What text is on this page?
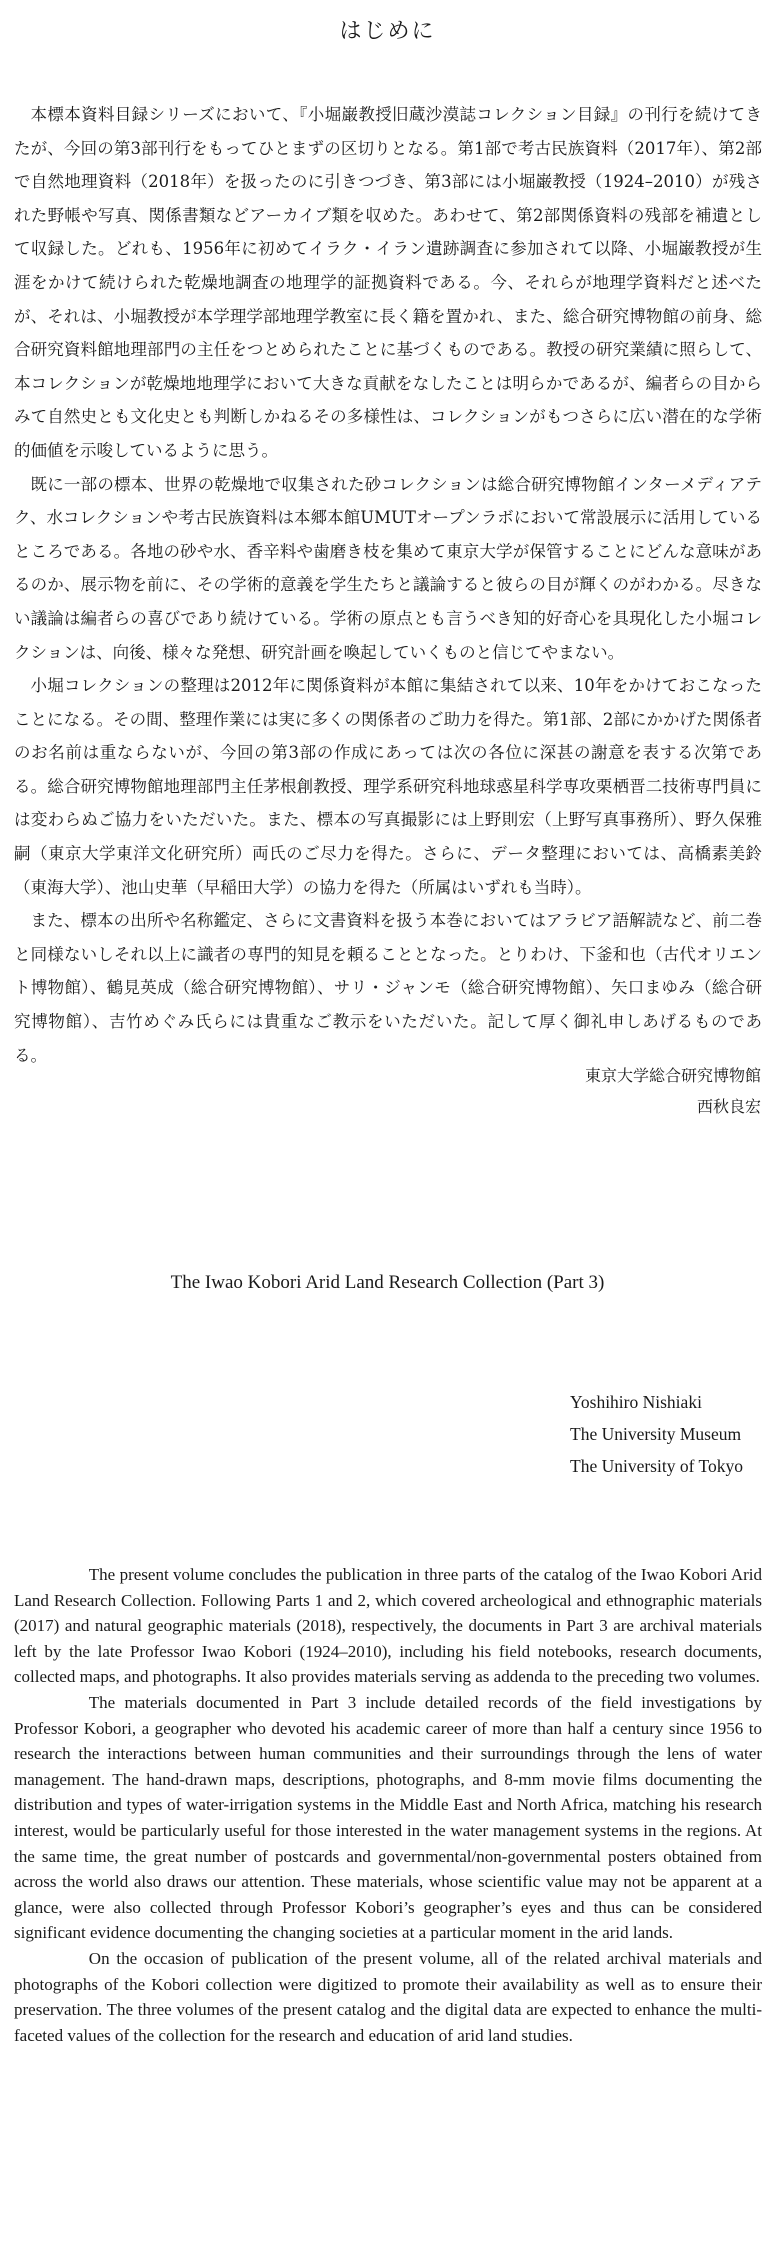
はじめに

本標本資料目録シリーズにおいて、『小堀巌教授旧蔵沙漠誌コレクション目録』の刊行を続けてきたが、今回の第3部刊行をもってひとまずの区切りとなる。第1部で考古民族資料（2017年）、第2部で自然地理資料（2018年）を扱ったのに引きつづき、第3部には小堀巌教授（1924–2010）が残された野帳や写真、関係書類などアーカイブ類を収めた。あわせて、第2部関係資料の残部を補遺として収録した。どれも、1956年に初めてイラク・イラン遺跡調査に参加されて以降、小堀巌教授が生涯をかけて続けられた乾燥地調査の地理学的証拠資料である。今、それらが地理学資料だと述べたが、それは、小堀教授が本学理学部地理学教室に長く籍を置かれ、また、総合研究博物館の前身、総合研究資料館地理部門の主任をつとめられたことに基づくものである。教授の研究業績に照らして、本コレクションが乾燥地地理学において大きな貢献をなしたことは明らかであるが、編者らの目からみて自然史とも文化史とも判断しかねるその多様性は、コレクションがもつさらに広い潜在的な学術的価値を示唆しているように思う。

既に一部の標本、世界の乾燥地で収集された砂コレクションは総合研究博物館インターメディアテク、水コレクションや考古民族資料は本郷本館UMUTオープンラボにおいて常設展示に活用しているところである。各地の砂や水、香辛料や歯磨き枝を集めて東京大学が保管することにどんな意味があるのか、展示物を前に、その学術的意義を学生たちと議論すると彼らの目が輝くのがわかる。尽きない議論は編者らの喜びであり続けている。学術の原点とも言うべき知的好奇心を具現化した小堀コレクションは、向後、様々な発想、研究計画を喚起していくものと信じてやまない。

小堀コレクションの整理は2012年に関係資料が本館に集結されて以来、10年をかけておこなったことになる。その間、整理作業には実に多くの関係者のご助力を得た。第1部、2部にかかげた関係者のお名前は重ならないが、今回の第3部の作成にあっては次の各位に深甚の謝意を表する次第である。総合研究博物館地理部門主任茅根創教授、理学系研究科地球惑星科学専攻栗栖晋二技術専門員には変わらぬご協力をいただいた。また、標本の写真撮影には上野則宏（上野写真事務所）、野久保雅嗣（東京大学東洋文化研究所）両氏のご尽力を得た。さらに、データ整理においては、高橋素美鈴（東海大学）、池山史華（早稲田大学）の協力を得た（所属はいずれも当時）。

また、標本の出所や名称鑑定、さらに文書資料を扱う本巻においてはアラビア語解読など、前二巻と同様ないしそれ以上に識者の専門的知見を頼ることとなった。とりわけ、下釜和也（古代オリエント博物館）、鶴見英成（総合研究博物館）、サリ・ジャンモ（総合研究博物館）、矢口まゆみ（総合研究博物館）、吉竹めぐみ氏らには貴重なご教示をいただいた。記して厚く御礼申しあげるものである。

東京大学総合研究博物館
西秋良宏
The Iwao Kobori Arid Land Research Collection (Part 3)
Yoshihiro Nishiaki
The University Museum
The University of Tokyo

The present volume concludes the publication in three parts of the catalog of the Iwao Kobori Arid Land Research Collection. Following Parts 1 and 2, which covered archeological and ethnographic materials (2017) and natural geographic materials (2018), respectively, the documents in Part 3 are archival materials left by the late Professor Iwao Kobori (1924–2010), including his field notebooks, research documents, collected maps, and photographs. It also provides materials serving as addenda to the preceding two volumes.

The materials documented in Part 3 include detailed records of the field investigations by Professor Kobori, a geographer who devoted his academic career of more than half a century since 1956 to research the interactions between human communities and their surroundings through the lens of water management. The hand-drawn maps, descriptions, photographs, and 8-mm movie films documenting the distribution and types of water-irrigation systems in the Middle East and North Africa, matching his research interest, would be particularly useful for those interested in the water management systems in the regions. At the same time, the great number of postcards and governmental/non-governmental posters obtained from across the world also draws our attention. These materials, whose scientific value may not be apparent at a glance, were also collected through Professor Kobori’s geographer’s eyes and thus can be considered significant evidence documenting the changing societies at a particular moment in the arid lands.

On the occasion of publication of the present volume, all of the related archival materials and photographs of the Kobori collection were digitized to promote their availability as well as to ensure their preservation. The three volumes of the present catalog and the digital data are expected to enhance the multi-faceted values of the collection for the research and education of arid land studies.
